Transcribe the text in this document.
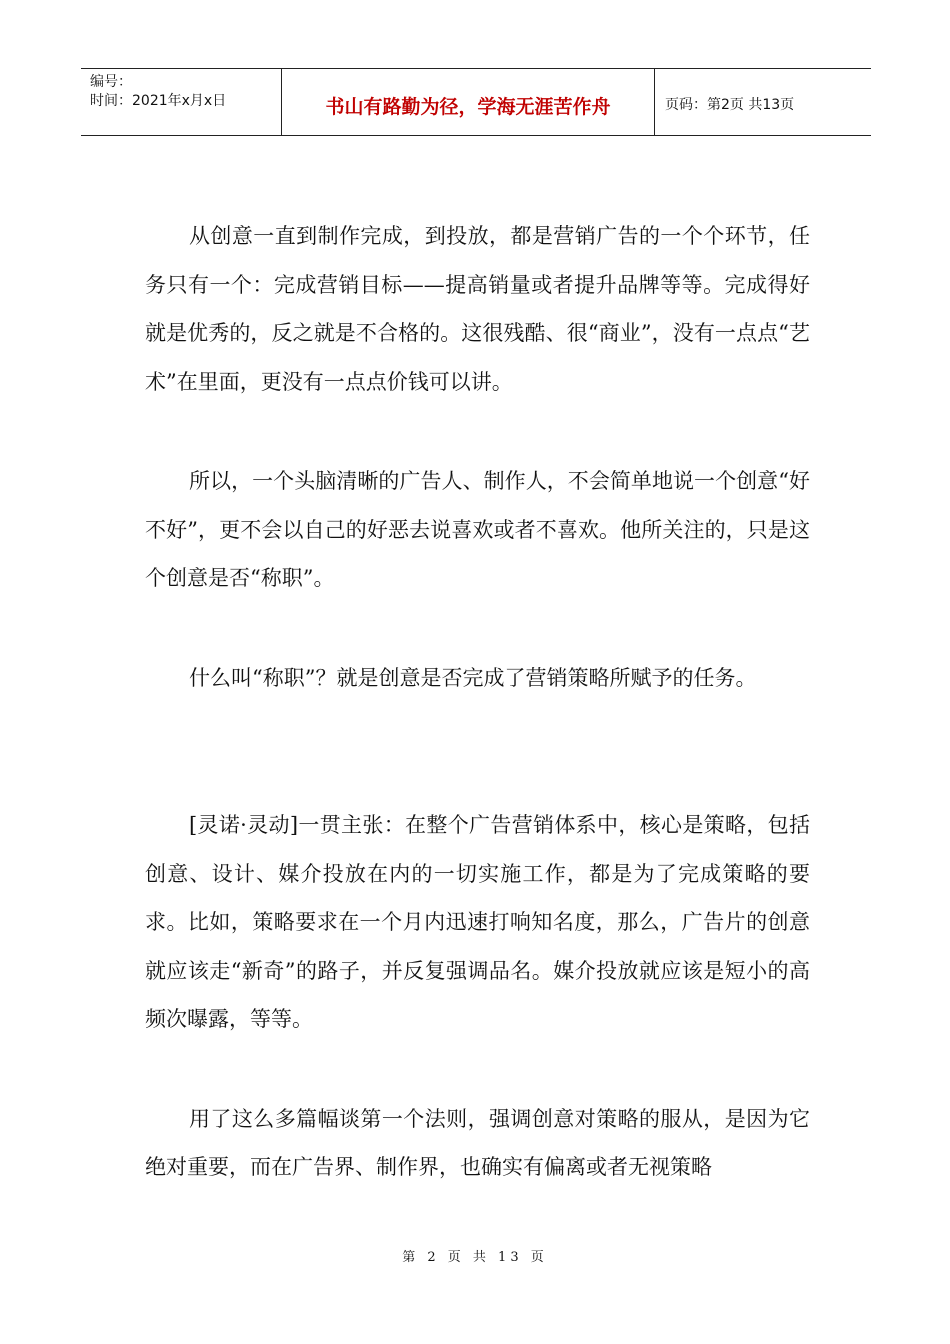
编号：
时间：2021年x月x日	书山有路勤为径，学海无涯苦作舟	页码：第2页 共13页

从创意一直到制作完成，到投放，都是营销广告的一个个环节，任务只有一个：完成营销目标——提高销量或者提升品牌等等。完成得好就是优秀的，反之就是不合格的。这很残酷、很“商业”，没有一点点“艺术”在里面，更没有一点点价钱可以讲。

所以，一个头脑清晰的广告人、制作人，不会简单地说一个创意“好不好”，更不会以自己的好恶去说喜欢或者不喜欢。他所关注的，只是这个创意是否“称职”。

什么叫“称职”？就是创意是否完成了营销策略所赋予的任务。

[灵诺·灵动]一贯主张：在整个广告营销体系中，核心是策略，包括创意、设计、媒介投放在内的一切实施工作，都是为了完成策略的要求。比如，策略要求在一个月内迅速打响知名度，那么，广告片的创意就应该走“新奇”的路子，并反复强调品名。媒介投放就应该是短小的高频次曝露，等等。

用了这么多篇幅谈第一个法则，强调创意对策略的服从，是因为它绝对重要，而在广告界、制作界，也确实有偏离或者无视策略

第 2 页 共 13 页
